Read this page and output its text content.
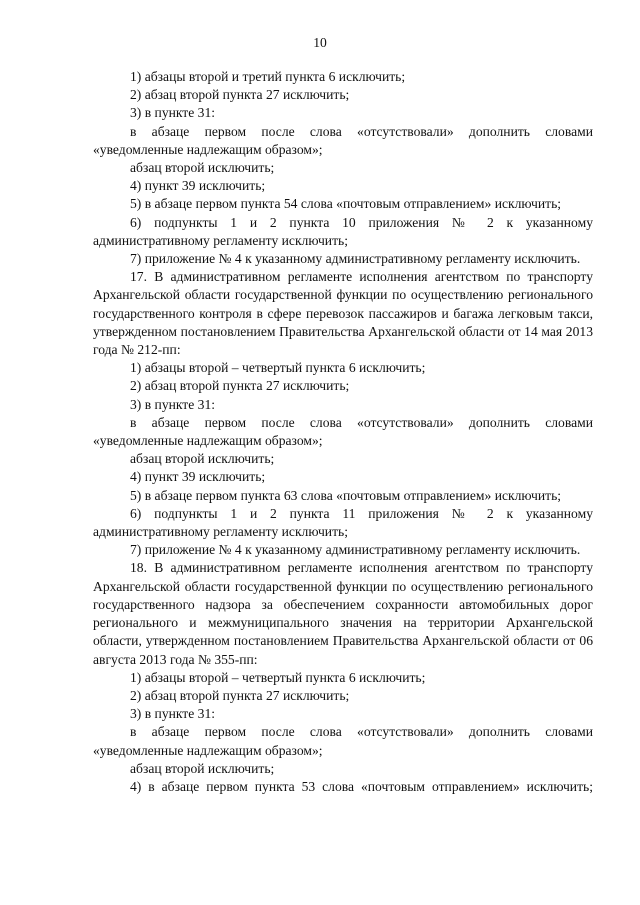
10

1) абзацы второй и третий пункта 6 исключить;

2) абзац второй пункта 27 исключить;

3) в пункте 31:

в абзаце первом после слова «отсутствовали» дополнить словами «уведомленные надлежащим образом»;

абзац второй исключить;

4) пункт 39 исключить;

5) в абзаце первом пункта 54 слова «почтовым отправлением» исключить;

6) подпункты 1 и 2 пункта 10 приложения № 2 к указанному административному регламенту исключить;

7) приложение № 4 к указанному административному регламенту исключить.

17. В административном регламенте исполнения агентством по транспорту Архангельской области государственной функции по осуществлению регионального государственного контроля в сфере перевозок пассажиров и багажа легковым такси, утвержденном постановлением Правительства Архангельской области от 14 мая 2013 года № 212-пп:

1) абзацы второй – четвертый пункта 6 исключить;

2) абзац второй пункта 27 исключить;

3) в пункте 31:

в абзаце первом после слова «отсутствовали» дополнить словами «уведомленные надлежащим образом»;

абзац второй исключить;

4) пункт 39 исключить;

5) в абзаце первом пункта 63 слова «почтовым отправлением» исключить;

6) подпункты 1 и 2 пункта 11 приложения № 2 к указанному административному регламенту исключить;

7) приложение № 4 к указанному административному регламенту исключить.

18. В административном регламенте исполнения агентством по транспорту Архангельской области государственной функции по осуществлению регионального государственного надзора за обеспечением сохранности автомобильных дорог регионального и межмуниципального значения на территории Архангельской области, утвержденном постановлением Правительства Архангельской области от 06 августа 2013 года № 355-пп:

1) абзацы второй – четвертый пункта 6 исключить;

2) абзац второй пункта 27 исключить;

3) в пункте 31:

в абзаце первом после слова «отсутствовали» дополнить словами «уведомленные надлежащим образом»;

абзац второй исключить;

4) в абзаце первом пункта 53 слова «почтовым отправлением» исключить;
